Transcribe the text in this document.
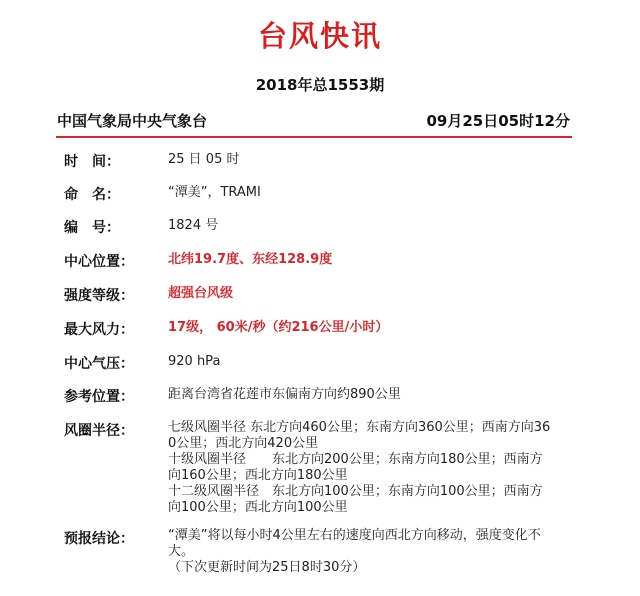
台风快讯
2018年总1553期
中国气象局中央气象台	09月25日05时12分
时　间：	25 日 05 时
命　名：	“潭美”，TRAMI
编　号：	1824 号
中心位置：	北纬19.7度、东经128.9度
强度等级：	超强台风级
最大风力：	17级， 60米/秒（约216公里/小时）
中心气压：	920 hPa
参考位置：	距离台湾省花莲市东偏南方向约890公里
风圈半径：	七级风圈半径 东北方向460公里；东南方向360公里；西南方向36
0公里；西北方向420公里
十级风圈半径　　东北方向200公里；东南方向180公里；西南方
向160公里；西北方向180公里
十二级风圈半径　东北方向100公里；东南方向100公里；西南方
向100公里；西北方向100公里
预报结论：	“潭美”将以每小时4公里左右的速度向西北方向移动，强度变化不
大。
（下次更新时间为25日8时30分）
